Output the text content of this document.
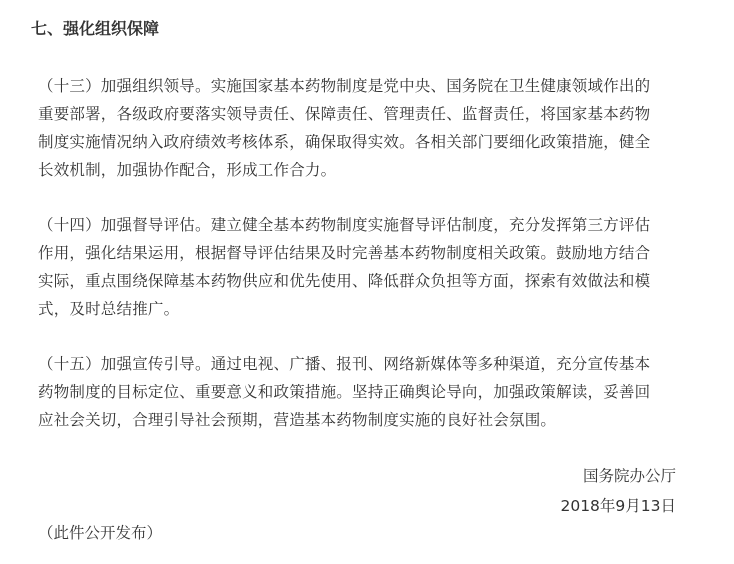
七、强化组织保障
（十三）加强组织领导。实施国家基本药物制度是党中央、国务院在卫生健康领域作出的
重要部署，各级政府要落实领导责任、保障责任、管理责任、监督责任，将国家基本药物
制度实施情况纳入政府绩效考核体系，确保取得实效。各相关部门要细化政策措施，健全
长效机制，加强协作配合，形成工作合力。
（十四）加强督导评估。建立健全基本药物制度实施督导评估制度，充分发挥第三方评估
作用，强化结果运用，根据督导评估结果及时完善基本药物制度相关政策。鼓励地方结合
实际，重点围绕保障基本药物供应和优先使用、降低群众负担等方面，探索有效做法和模
式，及时总结推广。
（十五）加强宣传引导。通过电视、广播、报刊、网络新媒体等多种渠道，充分宣传基本
药物制度的目标定位、重要意义和政策措施。坚持正确舆论导向，加强政策解读，妥善回
应社会关切，合理引导社会预期，营造基本药物制度实施的良好社会氛围。
国务院办公厅
2018年9月13日
（此件公开发布）
